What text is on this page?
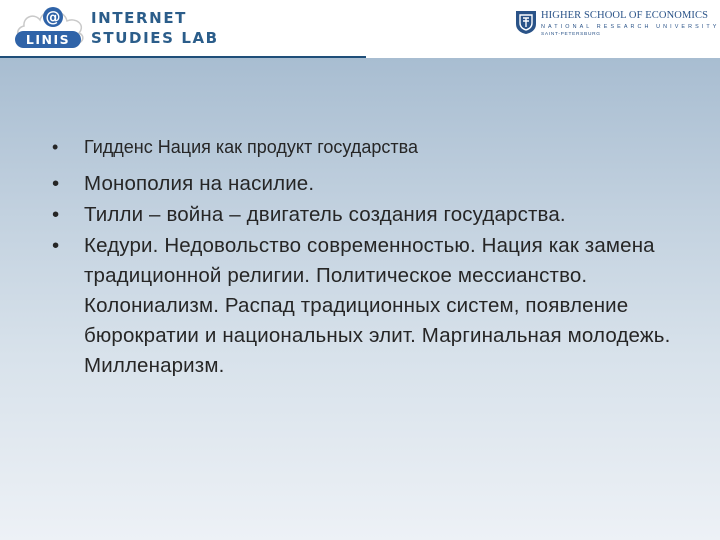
@
LINIS
INTERNET
STUDIES LAB
HIGHER SCHOOL OF ECONOMICS
NATIONAL RESEARCH UNIVERSITY
SAINT-PETERSBURG
• Гидденс Нация как продукт государства
• Монополия на насилие.
• Тилли – война – двигатель создания государства.
• Кедури. Недовольство современностью. Нация как замена традиционной религии. Политическое мессианство. Колониализм. Распад традиционных систем, появление бюрократии и национальных элит. Маргинальная молодежь. Милленаризм.
